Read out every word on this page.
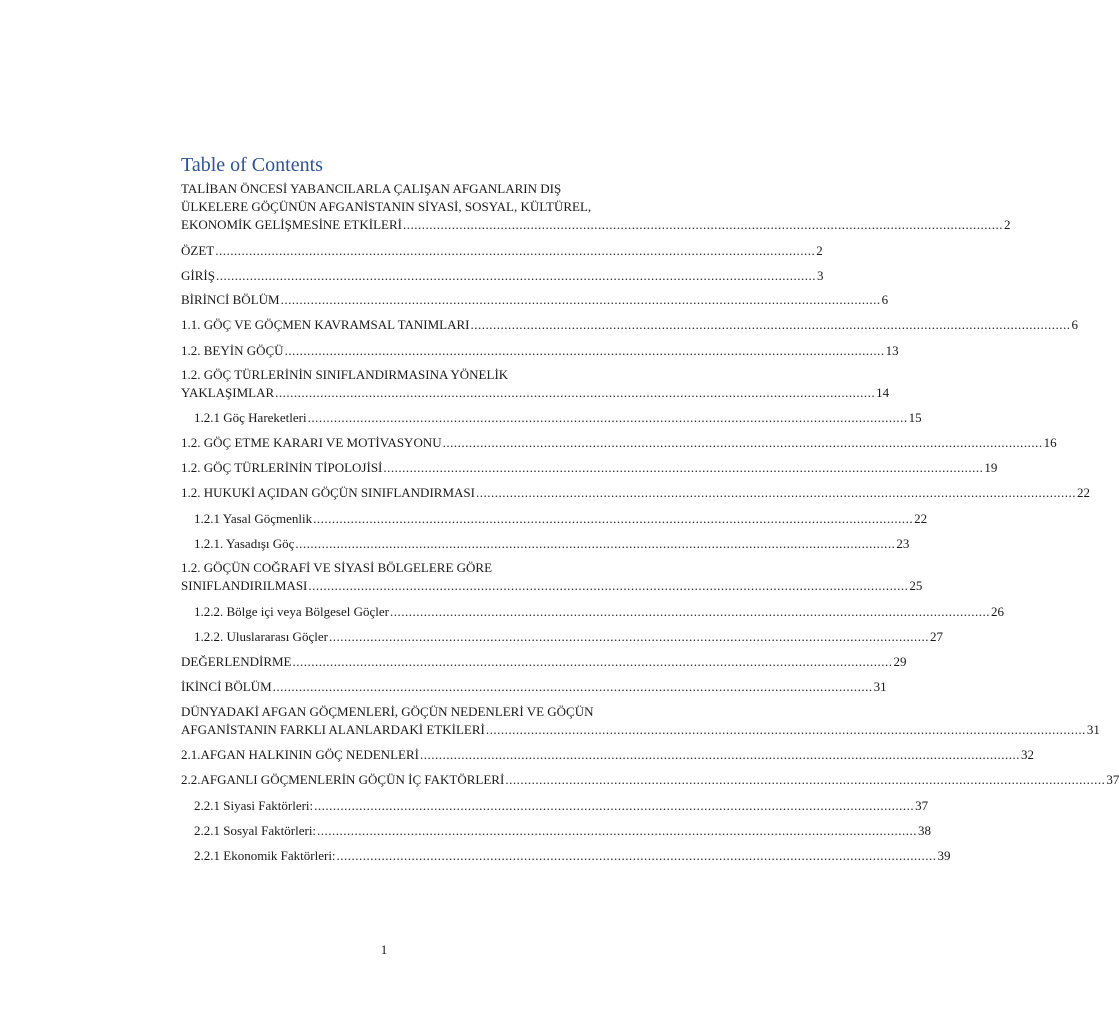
Table of Contents
TALİBAN ÖNCESİ YABANCILARLA ÇALIŞAN AFGANLARIN DIŞ
ÜLKELERE GÖÇÜNÜN AFGANİSTANIN SİYASİ, SOSYAL, KÜLTÜREL,
EKONOMİK GELİŞMESİNE ETKİLERİ ................................................................................................................................................................ 2
ÖZET ................................................................................................................................................................ 2
GİRİŞ ................................................................................................................................................................ 3
BİRİNCİ BÖLÜM ................................................................................................................................................................ 6
1.1. GÖÇ VE GÖÇMEN KAVRAMSAL TANIMLARI ................................................................................................................................................................ 6
1.2. BEYİN GÖÇÜ ................................................................................................................................................................ 13
1.2. GÖÇ TÜRLERİNİN SINIFLANDIRMASINA YÖNELİK
YAKLAŞIMLAR ................................................................................................................................................................ 14
1.2.1 Göç Hareketleri ................................................................................................................................................................ 15
1.2. GÖÇ ETME KARARI VE MOTİVASYONU ................................................................................................................................................................ 16
1.2. GÖÇ TÜRLERİNİN TİPOLOJİSİ ................................................................................................................................................................ 19
1.2. HUKUKİ AÇIDAN GÖÇÜN SINIFLANDIRMASI ................................................................................................................................................................ 22
1.2.1 Yasal Göçmenlik ................................................................................................................................................................ 22
1.2.1. Yasadışı Göç ................................................................................................................................................................ 23
1.2. GÖÇÜN COĞRAFİ VE SİYASİ BÖLGELERE GÖRE
SINIFLANDIRILMASI ................................................................................................................................................................ 25
1.2.2. Bölge içi veya Bölgesel Göçler ................................................................................................................................................................ 26
1.2.2. Uluslararası Göçler ................................................................................................................................................................ 27
DEĞERLENDİRME ................................................................................................................................................................ 29
İKİNCİ BÖLÜM ................................................................................................................................................................ 31
DÜNYADAKİ AFGAN GÖÇMENLERİ, GÖÇÜN NEDENLERİ VE GÖÇÜN
AFGANİSTANIN FARKLI ALANLARDAKİ ETKİLERİ ................................................................................................................................................................ 31
2.1. AFGAN HALKININ GÖÇ NEDENLERİ ................................................................................................................................................................ 32
2.2. AFGANLI GÖÇMENLERİN GÖÇÜN İÇ FAKTÖRLERİ ................................................................................................................................................................ 37
2.2.1 Siyasi Faktörleri: ................................................................................................................................................................ 37
2.2.1 Sosyal Faktörleri: ................................................................................................................................................................ 38
2.2.1 Ekonomik Faktörleri: ................................................................................................................................................................ 39
1
